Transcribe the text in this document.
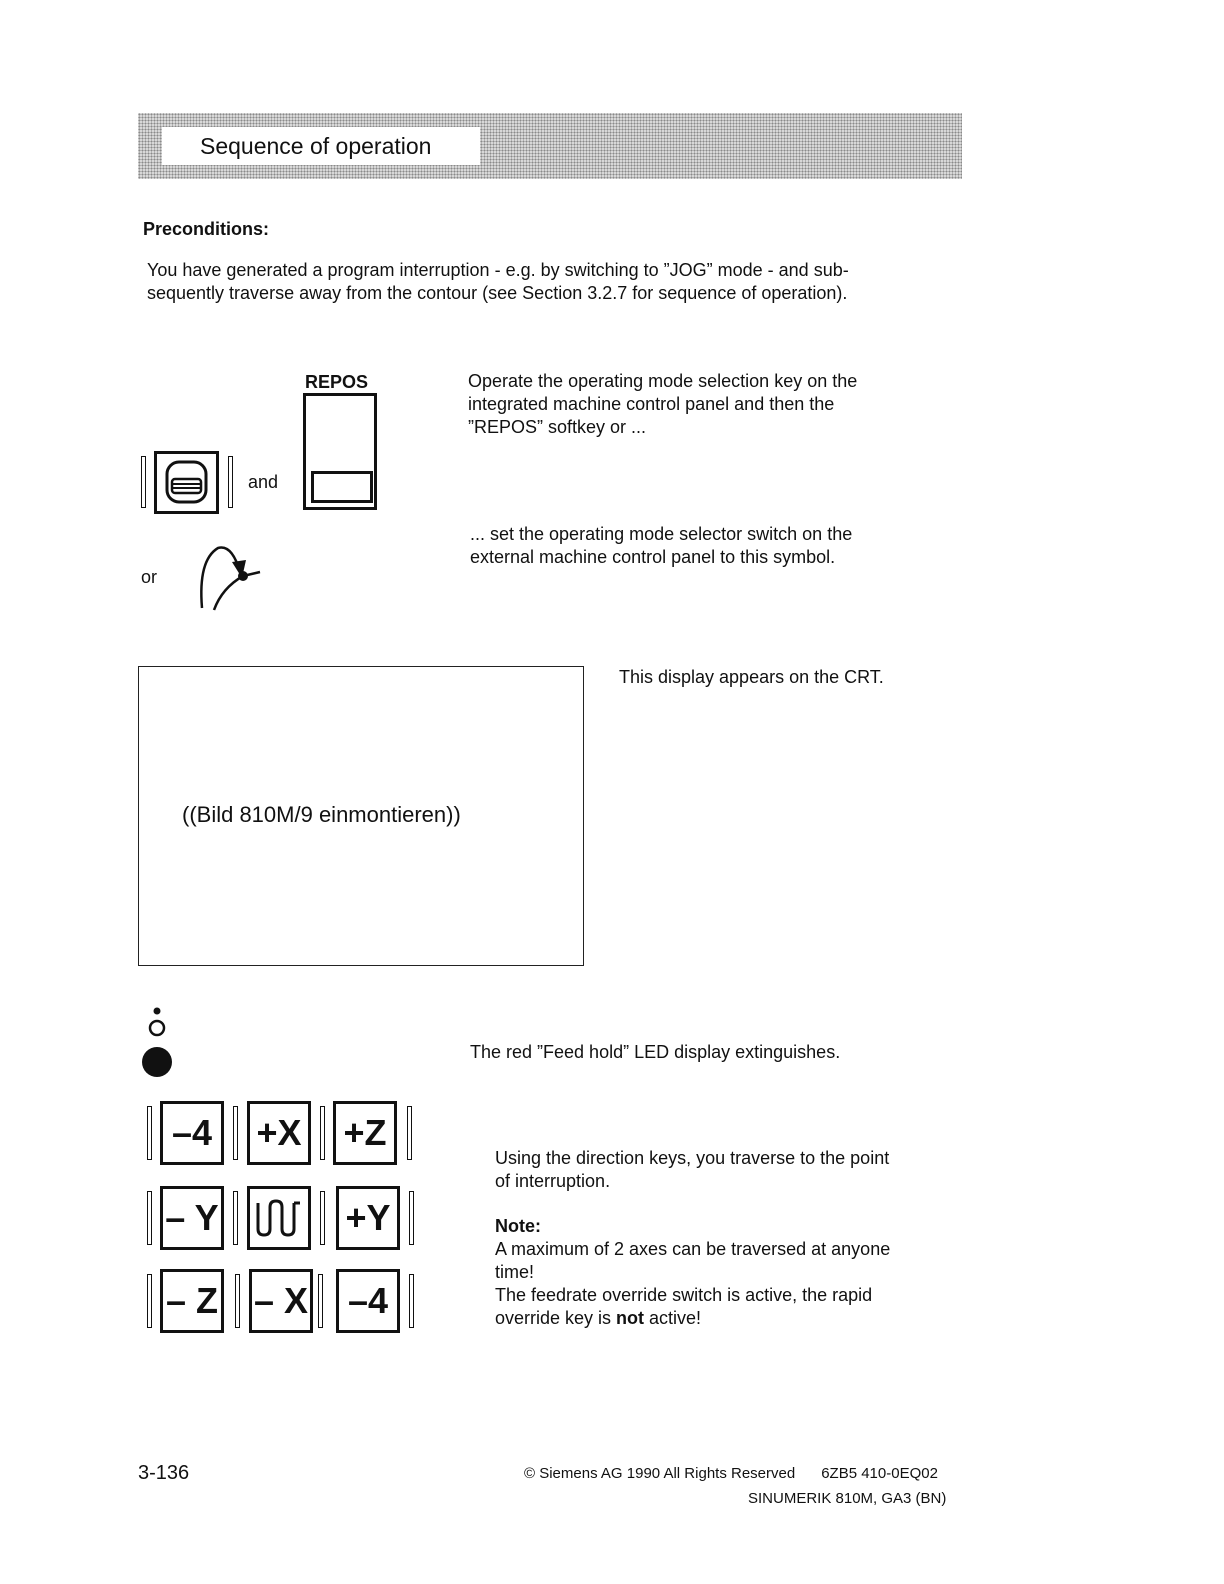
Sequence of operation
Preconditions:
You have generated a program interruption - e.g. by switching to ”JOG” mode - and sub-
sequently traverse away from the contour (see Section 3.2.7 for sequence of operation).
and
REPOS	Operate the operating mode selection key on the
integrated machine control panel and then the
”REPOS” softkey or ...
or
... set the operating mode selector switch on the
external machine control panel to this symbol.
((Bild 810M/9 einmontieren))
This display appears on the CRT.
The red ”Feed hold” LED display extinguishes.
–4	+X +Z
– Y	+Y
– Z – X	–4
Using the direction keys, you traverse to the point
of interruption.
Note:
A maximum of 2 axes can be traversed at anyone
time!
The feedrate override switch is active, the rapid
override key is not active!
3-136	© Siemens AG 1990 All Rights Reserved 6ZB5 410-0EQ02
SINUMERIK 810M, GA3 (BN)
